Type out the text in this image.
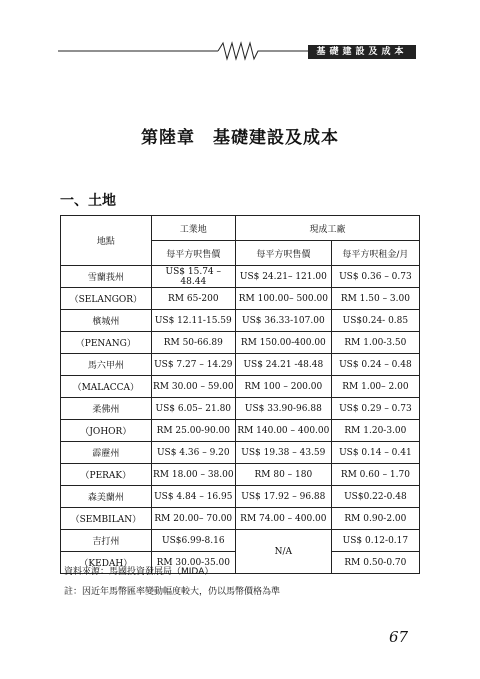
基礎建設及成本
第陸章　基礎建設及成本
一、土地
地點	工業地	現成工廠	
	每平方呎售價	每平方呎售價	每平方呎租金/月
雪蘭莪州	US$ 15.74 – 48.44	US$ 24.21– 121.00	US$ 0.36 – 0.73
（SELANGOR）	RM 65-200	RM 100.00– 500.00	RM 1.50 – 3.00
檳城州	US$ 12.11-15.59	US$ 36.33-107.00	US$0.24- 0.85
（PENANG）	RM 50-66.89	RM 150.00-400.00	RM 1.00-3.50
馬六甲州	US$ 7.27 – 14.29	US$ 24.21 -48.48	US$ 0.24 – 0.48
（MALACCA）	RM 30.00 – 59.00	RM 100 – 200.00	RM 1.00– 2.00
柔佛州	US$ 6.05– 21.80	US$ 33.90-96.88	US$ 0.29 – 0.73
（JOHOR）	RM 25.00-90.00	RM 140.00 – 400.00	RM 1.20-3.00
霹靂州	US$ 4.36 – 9.20	US$ 19.38 – 43.59	US$ 0.14 – 0.41
（PERAK）	RM 18.00 – 38.00	RM 80 – 180	RM 0.60 – 1.70
森美蘭州	US$ 4.84 – 16.95	US$ 17.92 – 96.88	US$0.22-0.48
（SEMBILAN）	RM 20.00– 70.00	RM 74.00 – 400.00	RM 0.90-2.00
吉打州	US$6.99-8.16	N/A	US$ 0.12-0.17
（KEDAH）	RM 30.00-35.00		RM 0.50-0.70
資料來源：馬國投資發展局（MIDA）
註：因近年馬幣匯率變動幅度較大，仍以馬幣價格為準
67
